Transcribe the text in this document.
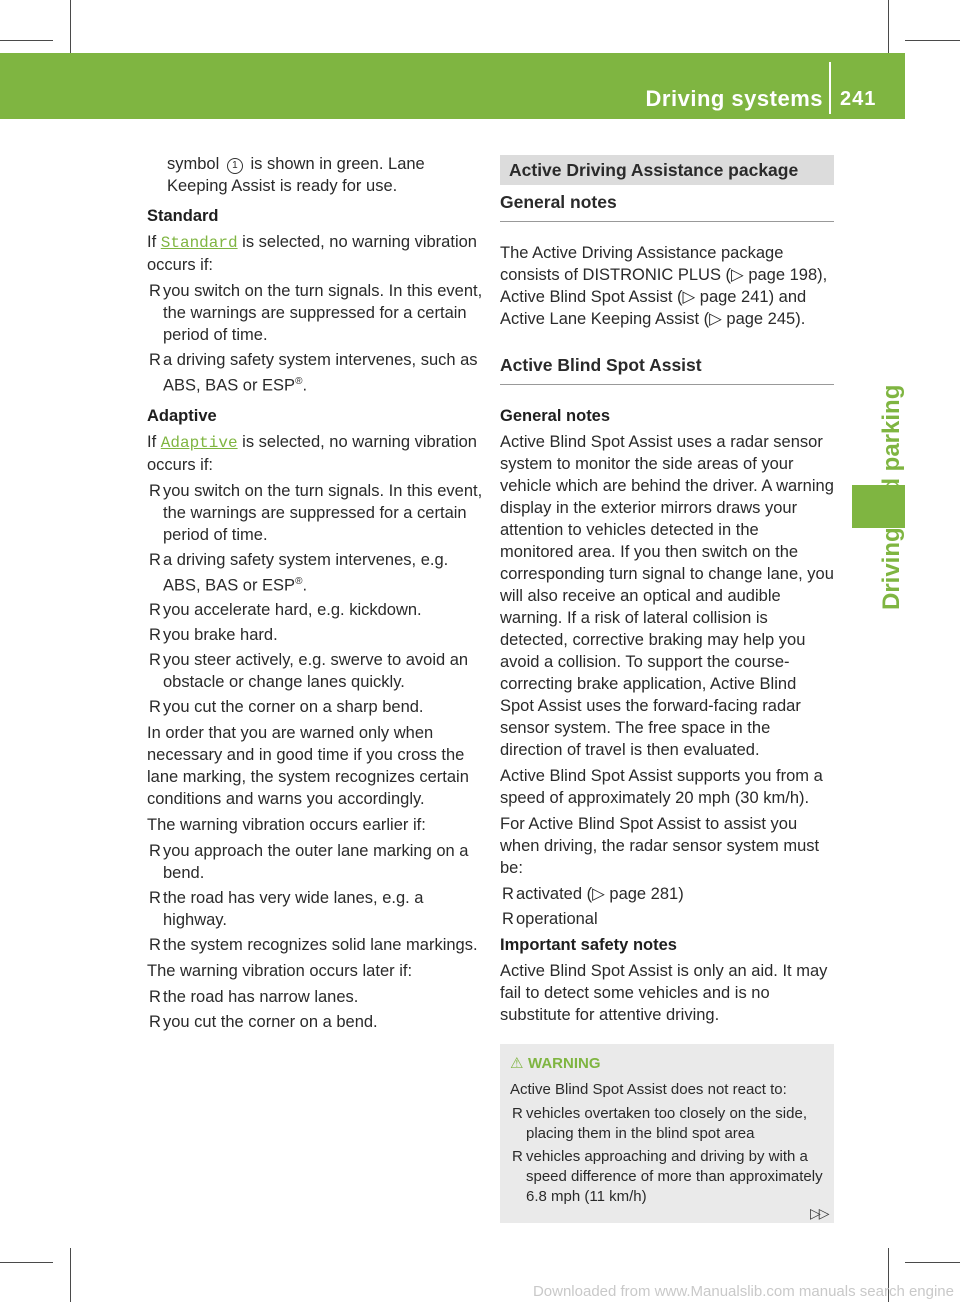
Driving systems 241

symbol 1 is shown in green. Lane Keeping Assist is ready for use.

Standard

If Standard is selected, no warning vibration occurs if:

R you switch on the turn signals. In this event, the warnings are suppressed for a certain period of time.
R a driving safety system intervenes, such as ABS, BAS or ESP®.

Adaptive

If Adaptive is selected, no warning vibration occurs if:

R you switch on the turn signals. In this event, the warnings are suppressed for a certain period of time.
R a driving safety system intervenes, e.g. ABS, BAS or ESP®.
R you accelerate hard, e.g. kickdown.
R you brake hard.
R you steer actively, e.g. swerve to avoid an obstacle or change lanes quickly.
R you cut the corner on a sharp bend.

In order that you are warned only when necessary and in good time if you cross the lane marking, the system recognizes certain conditions and warns you accordingly.

The warning vibration occurs earlier if:

R you approach the outer lane marking on a bend.
R the road has very wide lanes, e.g. a highway.
R the system recognizes solid lane markings.

The warning vibration occurs later if:

R the road has narrow lanes.
R you cut the corner on a bend.
Active Driving Assistance package
General notes

The Active Driving Assistance package consists of DISTRONIC PLUS (▷ page 198), Active Blind Spot Assist (▷ page 241) and Active Lane Keeping Assist (▷ page 245).

Active Blind Spot Assist

General notes

Active Blind Spot Assist uses a radar sensor system to monitor the side areas of your vehicle which are behind the driver. A warning display in the exterior mirrors draws your attention to vehicles detected in the monitored area. If you then switch on the corresponding turn signal to change lane, you will also receive an optical and audible warning. If a risk of lateral collision is detected, corrective braking may help you avoid a collision. To support the course-correcting brake application, Active Blind Spot Assist uses the forward-facing radar sensor system. The free space in the direction of travel is then evaluated.

Active Blind Spot Assist supports you from a speed of approximately 20 mph (30 km/h).

For Active Blind Spot Assist to assist you when driving, the radar sensor system must be:

R activated (▷ page 281)
R operational

Important safety notes

Active Blind Spot Assist is only an aid. It may fail to detect some vehicles and is no substitute for attentive driving.

⚠ WARNING

Active Blind Spot Assist does not react to:

R vehicles overtaken too closely on the side, placing them in the blind spot area
R vehicles approaching and driving by with a speed difference of more than approximately 6.8 mph (11 km/h)
▷▷
Downloaded from www.Manualslib.com manuals search engine
